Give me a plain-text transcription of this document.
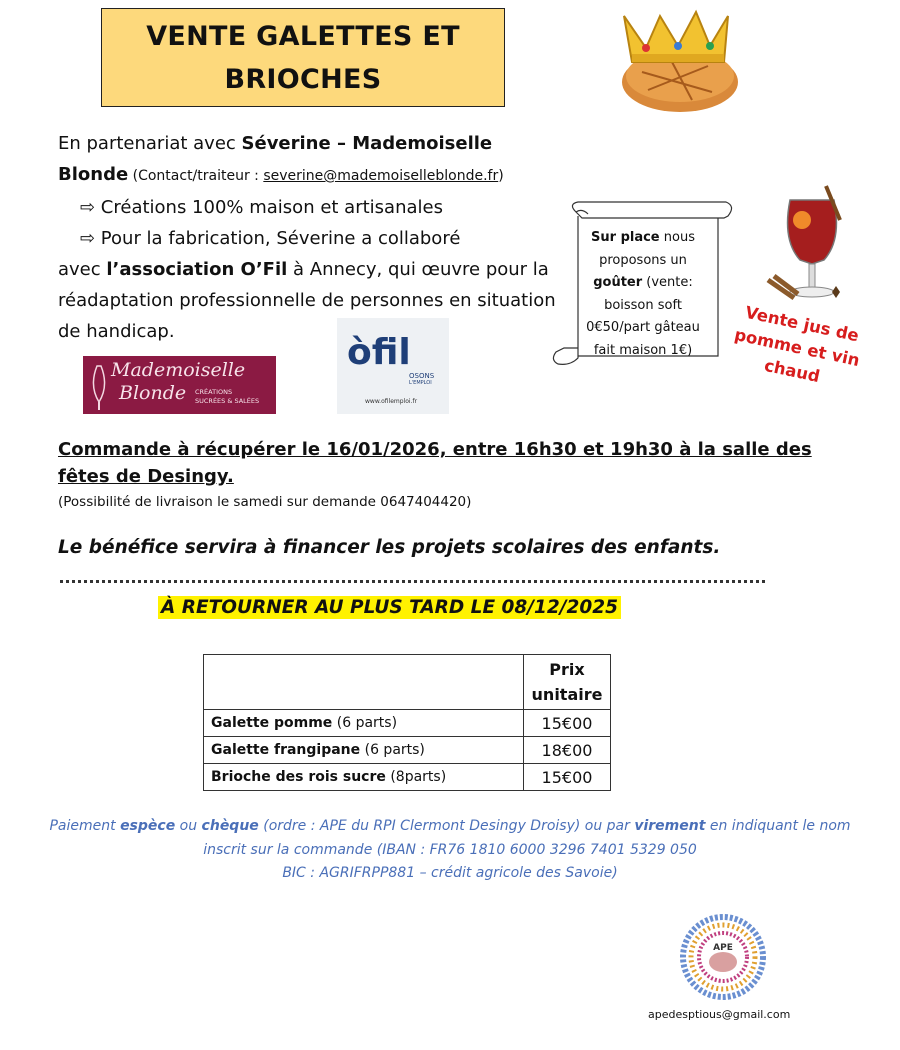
VENTE GALETTES ET
BRIOCHES
En partenariat avec Séverine – Mademoiselle Blonde (Contact/traiteur : severine@mademoiselleblonde.fr)
⇨ Créations 100% maison et artisanales
⇨ Pour la fabrication, Séverine a collaboré
avec l’association O’Fil à Annecy, qui œuvre pour la réadaptation professionnelle de personnes en situation de handicap.
Sur place nous proposons un goûter (vente: boisson soft 0€50/part gâteau fait maison 1€)
Vente jus de pomme et vin chaud
Mademoiselle
Blonde CRÉATIONS
SUCRÉES & SALÉES
òfil
OSONS
L'EMPLOI
www.ofilemploi.fr
Commande à récupérer le 16/01/2026, entre 16h30 et 19h30 à la salle des fêtes de Desingy.
(Possibilité de livraison le samedi sur demande 0647404420)
Le bénéfice servira à financer les projets scolaires des enfants.
À RETOURNER AU PLUS TARD LE 08/12/2025
	Prix
unitaire
Galette pomme (6 parts)	15€00
Galette frangipane (6 parts)	18€00
Brioche des rois sucre (8parts)	15€00
Paiement espèce ou chèque (ordre : APE du RPI Clermont Desingy Droisy) ou par virement en indiquant le nom inscrit sur la commande (IBAN : FR76 1810 6000 3296 7401 5329 050
BIC : AGRIFRPP881 – crédit agricole des Savoie)
APE
apedesptious@gmail.com
